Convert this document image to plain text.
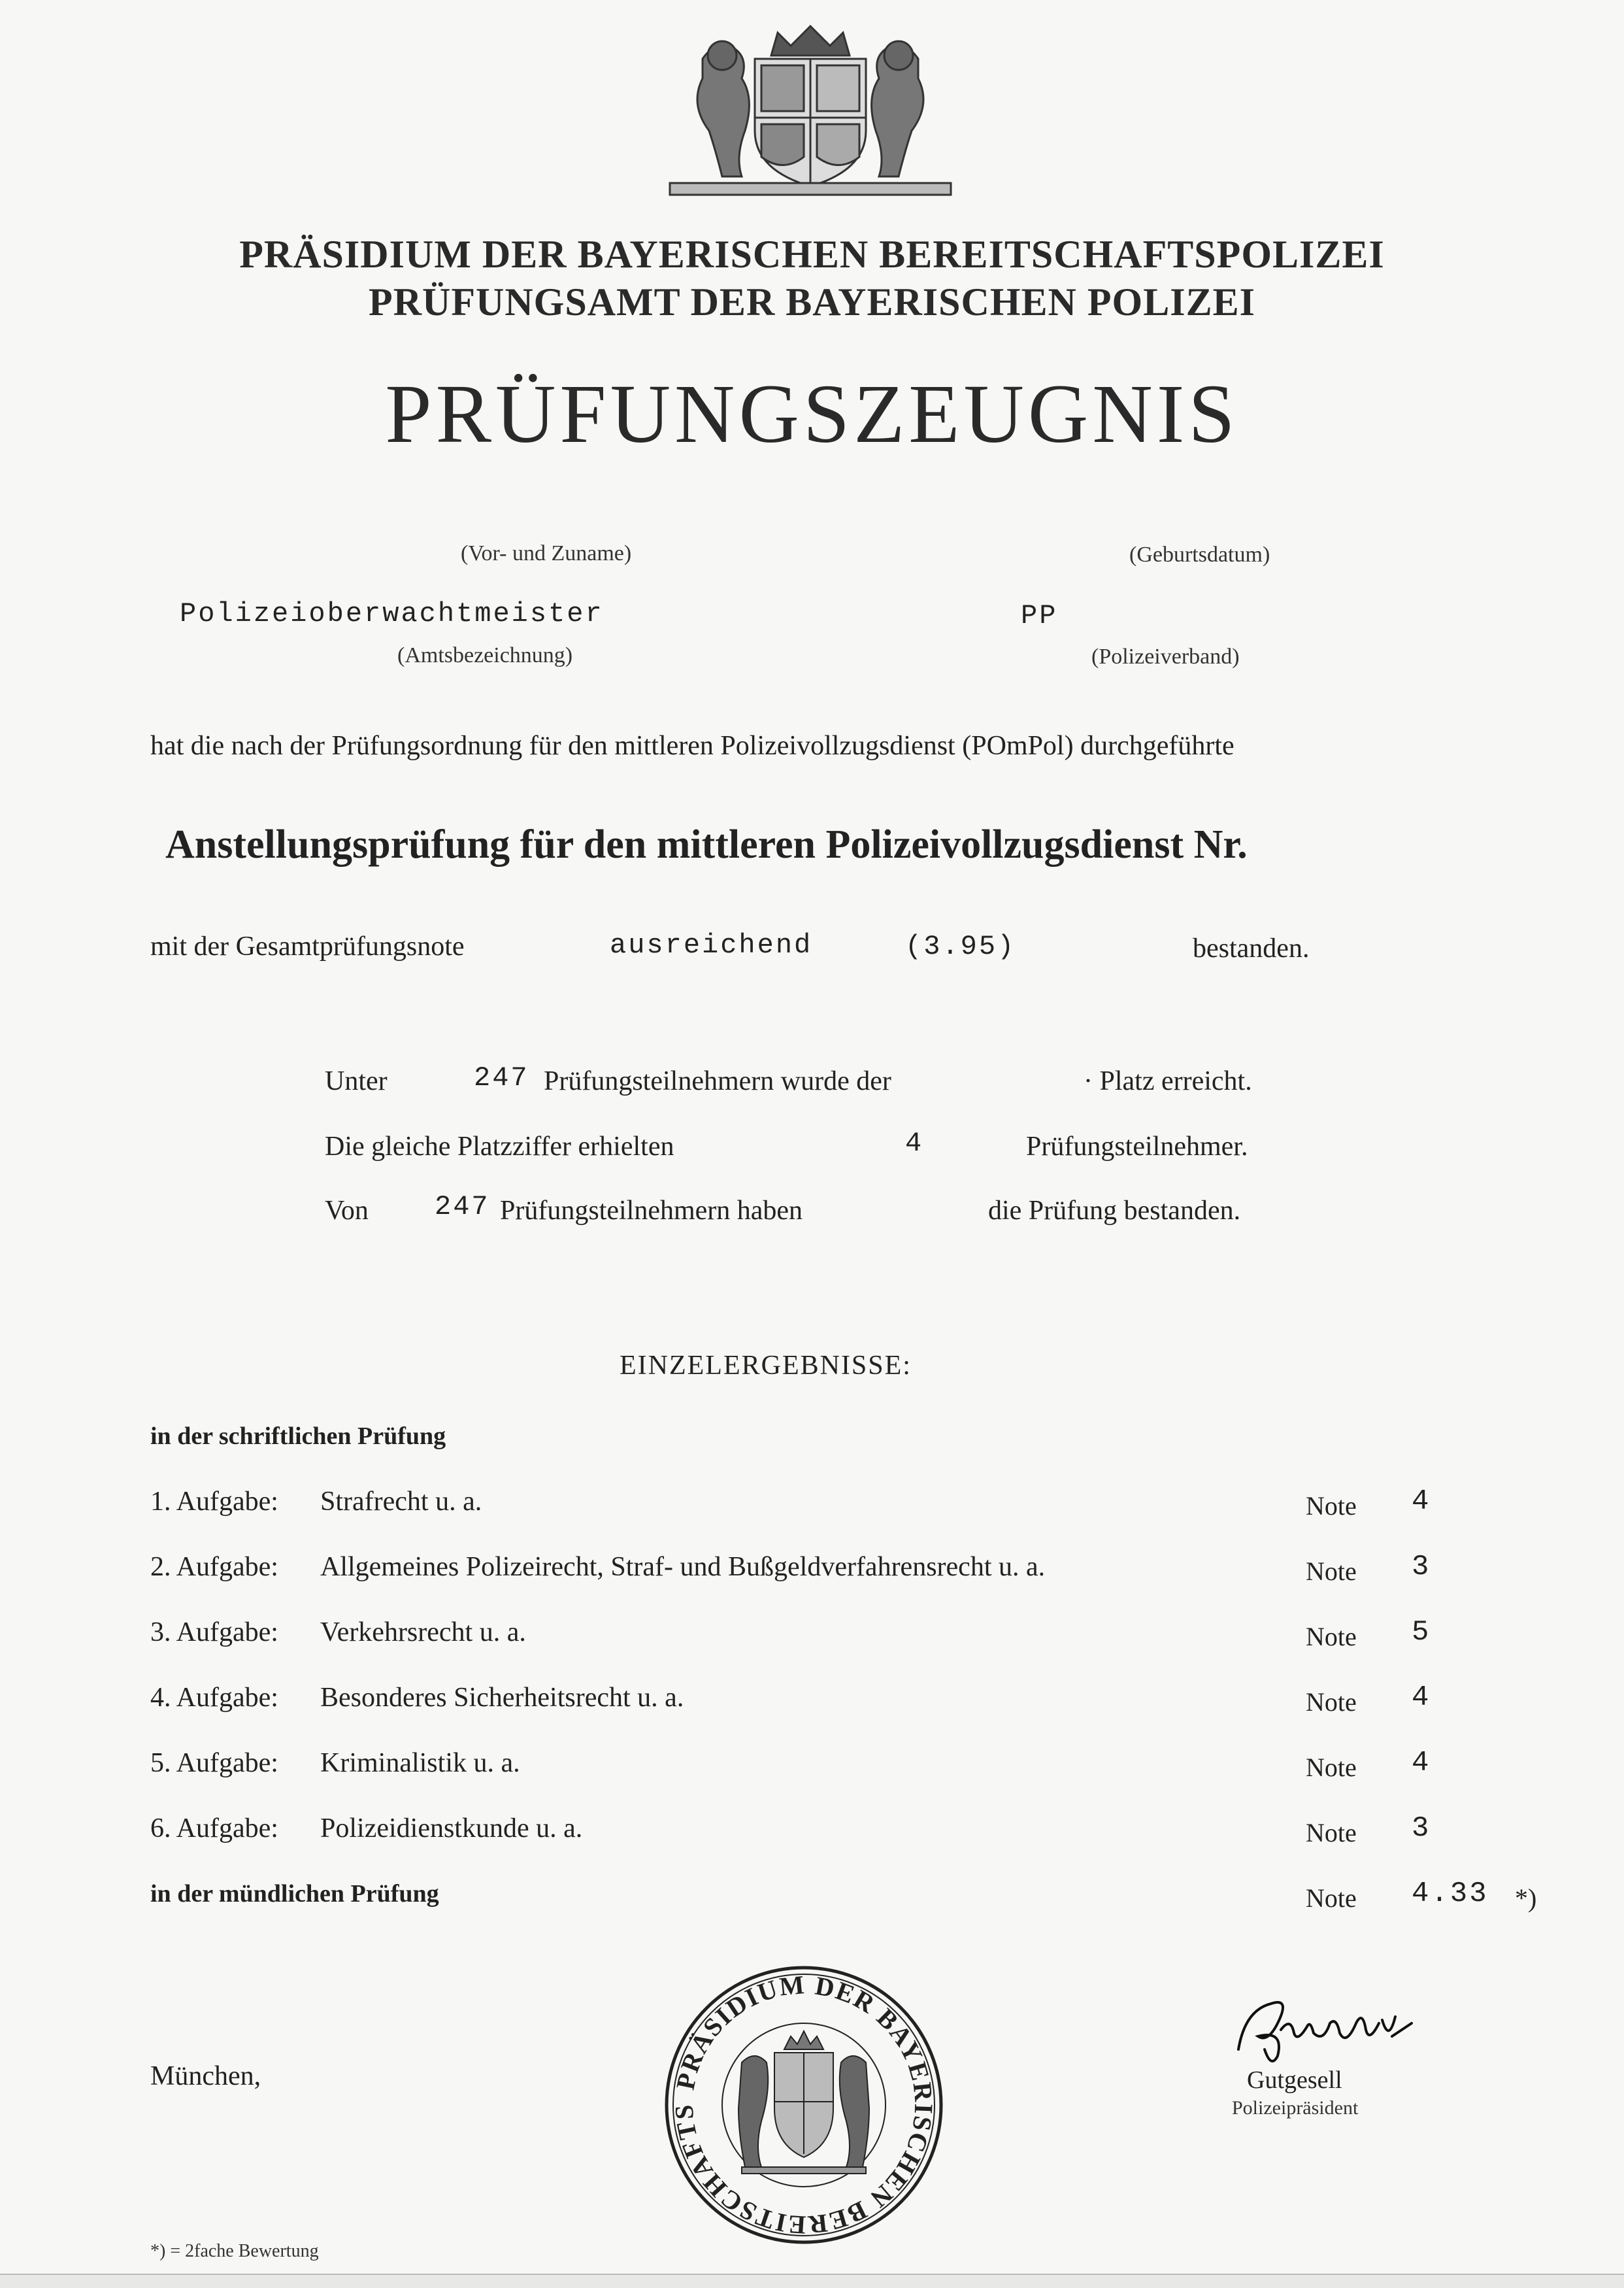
PRÄSIDIUM DER BAYERISCHEN BEREITSCHAFTSPOLIZEI
PRÜFUNGSAMT DER BAYERISCHEN POLIZEI
PRÜFUNGSZEUGNIS
(Vor- und Zuname)	(Geburtsdatum)
Polizeioberwachtmeister	PP
(Amtsbezeichnung)	(Polizeiverband)
hat die nach der Prüfungsordnung für den mittleren Polizeivollzugsdienst (POmPol) durchgeführte
Anstellungsprüfung für den mittleren Polizeivollzugsdienst Nr.
mit der Gesamtprüfungsnote	ausreichend	(3.95)	bestanden.
Unter	247 Prüfungsteilnehmern wurde der	· Platz erreicht.
Die gleiche Platzziffer erhielten	4	Prüfungsteilnehmer.
Von 247 Prüfungsteilnehmern haben	die Prüfung bestanden.
EINZELERGEBNISSE:
in der schriftlichen Prüfung
1. Aufgabe: Strafrecht u. a.	Note 4
2. Aufgabe: Allgemeines Polizeirecht, Straf- und Bußgeldverfahrensrecht u. a.	Note 3
3. Aufgabe: Verkehrsrecht u. a.	Note 5
4. Aufgabe: Besonderes Sicherheitsrecht u. a.	Note 4
5. Aufgabe: Kriminalistik u. a.	Note 4
6. Aufgabe: Polizeidienstkunde u. a.	Note 3
in der mündlichen Prüfung	Note 4.33 *)
München,	PRÄSIDIUM DER BAYERISCHEN BEREITSCHAFTS
Gutgesell
Polizeipräsident
*) = 2fache Bewertung
